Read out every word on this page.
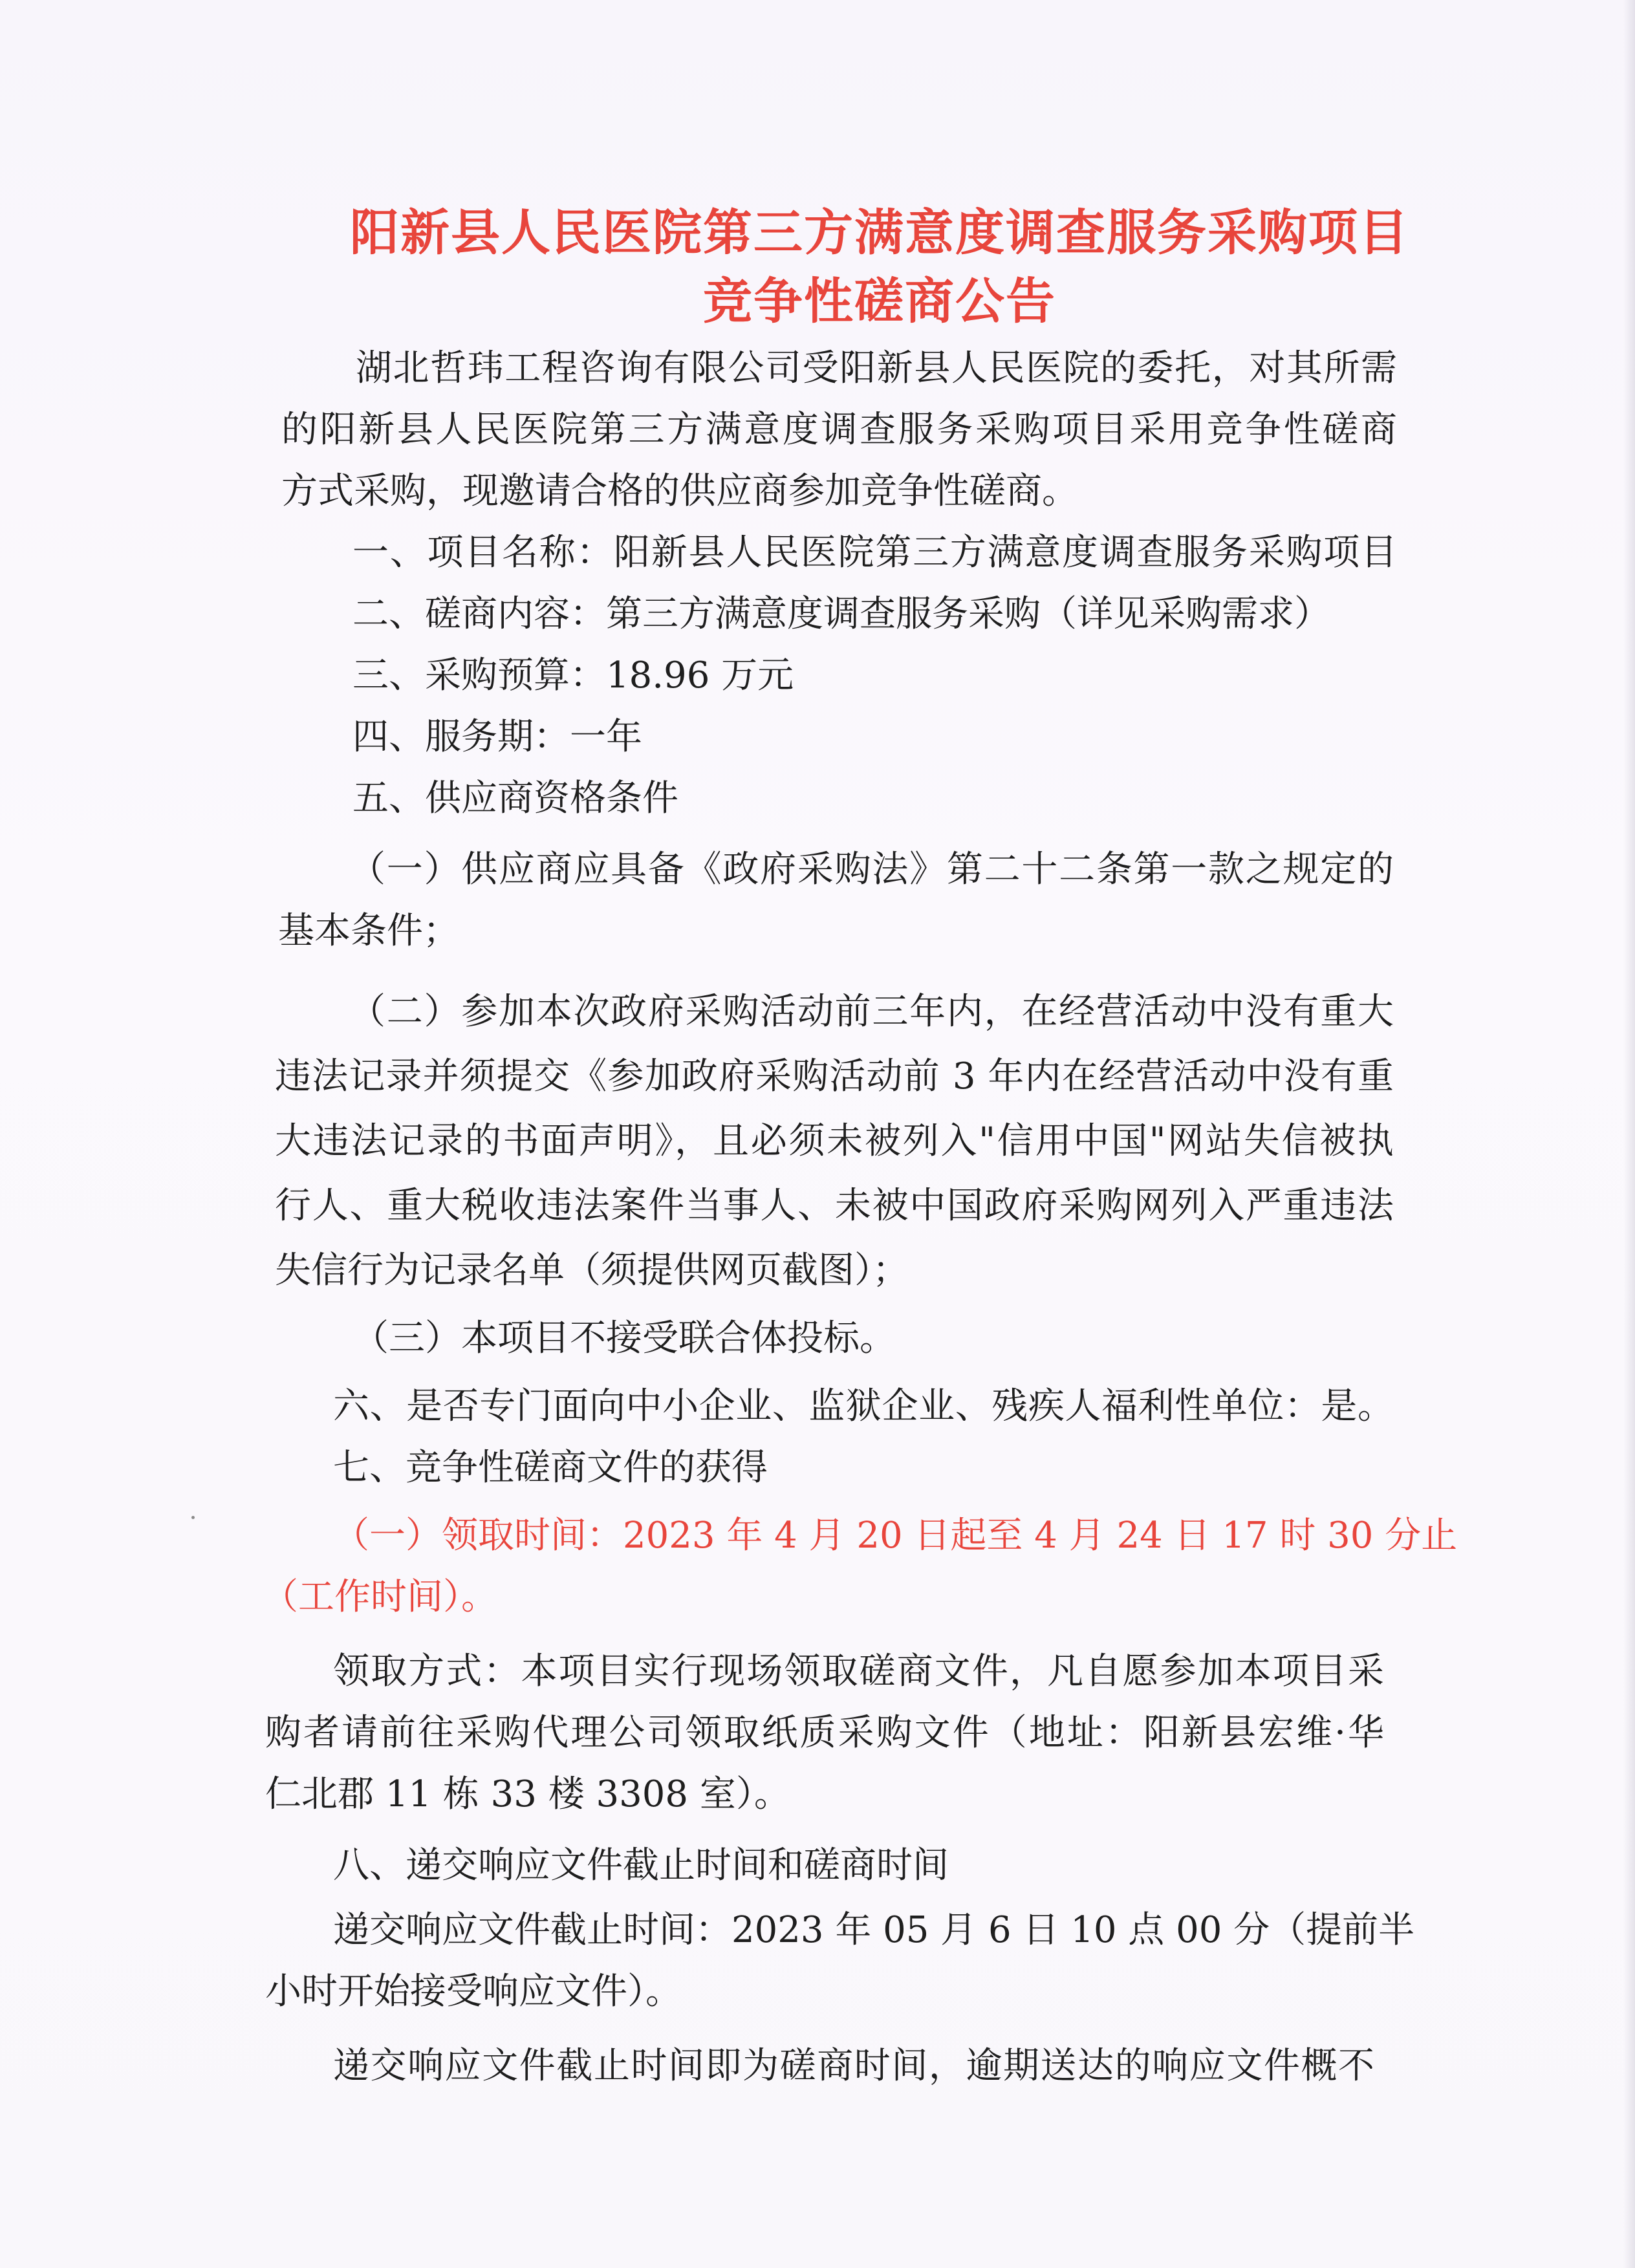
阳新县人民医院第三方满意度调查服务采购项目
竞争性磋商公告

湖北哲玮工程咨询有限公司受阳新县人民医院的委托，对其所需

的阳新县人民医院第三方满意度调查服务采购项目采用竞争性磋商

方式采购，现邀请合格的供应商参加竞争性磋商。

一、项目名称：阳新县人民医院第三方满意度调查服务采购项目

二、磋商内容：第三方满意度调查服务采购（详见采购需求）

三、采购预算：18.96 万元

四、服务期：一年

五、供应商资格条件

（一）供应商应具备《政府采购法》第二十二条第一款之规定的

基本条件；

（二）参加本次政府采购活动前三年内，在经营活动中没有重大

违法记录并须提交《参加政府采购活动前 3 年内在经营活动中没有重

大违法记录的书面声明》，且必须未被列入"信用中国"网站失信被执

行人、重大税收违法案件当事人、未被中国政府采购网列入严重违法

失信行为记录名单（须提供网页截图）；

（三）本项目不接受联合体投标。

六、是否专门面向中小企业、监狱企业、残疾人福利性单位：是。

七、竞争性磋商文件的获得

（一）领取时间：2023 年 4 月 20 日起至 4 月 24 日 17 时 30 分止

（工作时间）。

领取方式：本项目实行现场领取磋商文件，凡自愿参加本项目采

购者请前往采购代理公司领取纸质采购文件（地址：阳新县宏维·华

仁北郡 11 栋 33 楼 3308 室）。

八、递交响应文件截止时间和磋商时间

递交响应文件截止时间：2023 年 05 月 6 日 10 点 00 分（提前半

小时开始接受响应文件）。

递交响应文件截止时间即为磋商时间，逾期送达的响应文件概不
